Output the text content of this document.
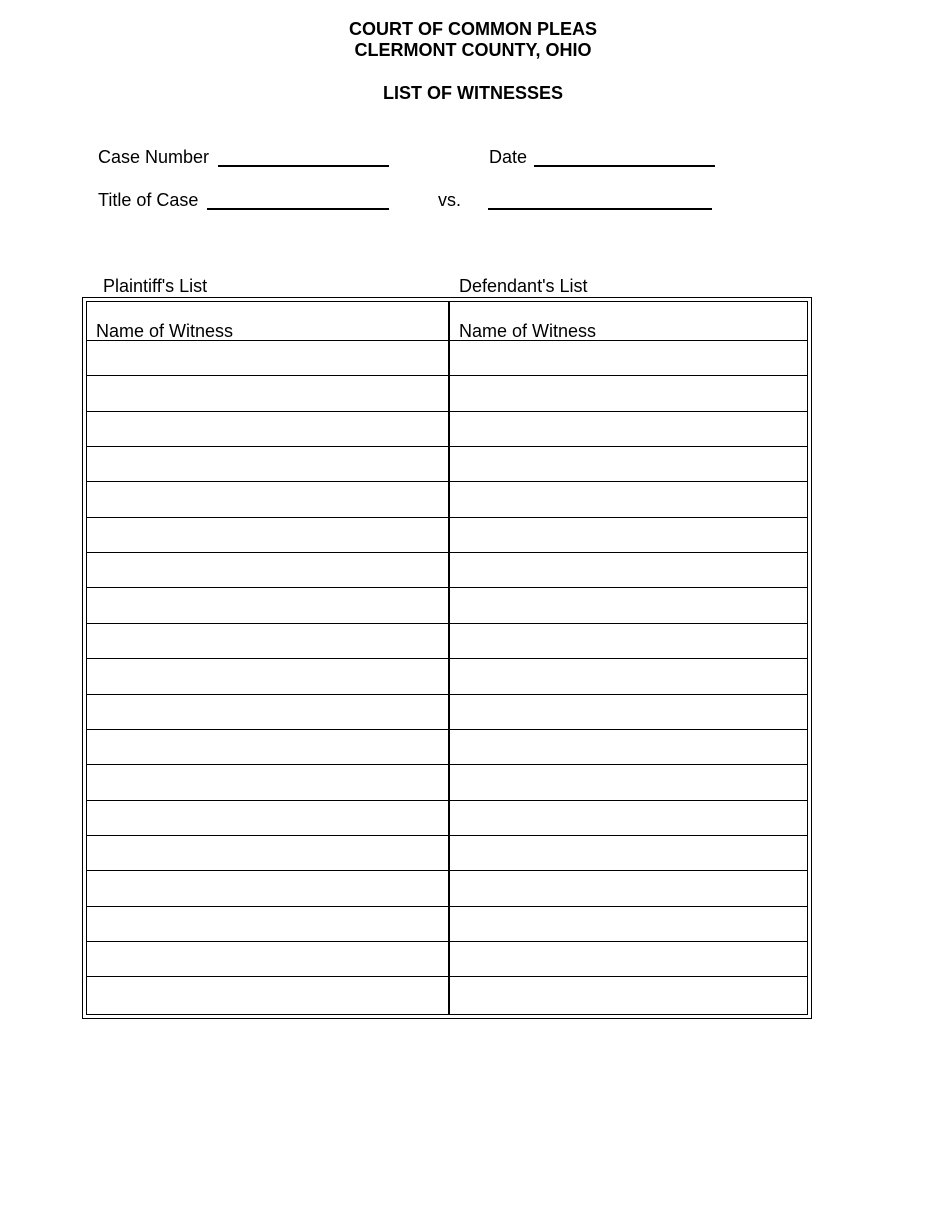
COURT OF COMMON PLEAS
CLERMONT COUNTY, OHIO
LIST OF WITNESSES
Case Number	Date
Title of Case	vs.
Plaintiff's List	Defendant's List
Name of Witness	Name of Witness
